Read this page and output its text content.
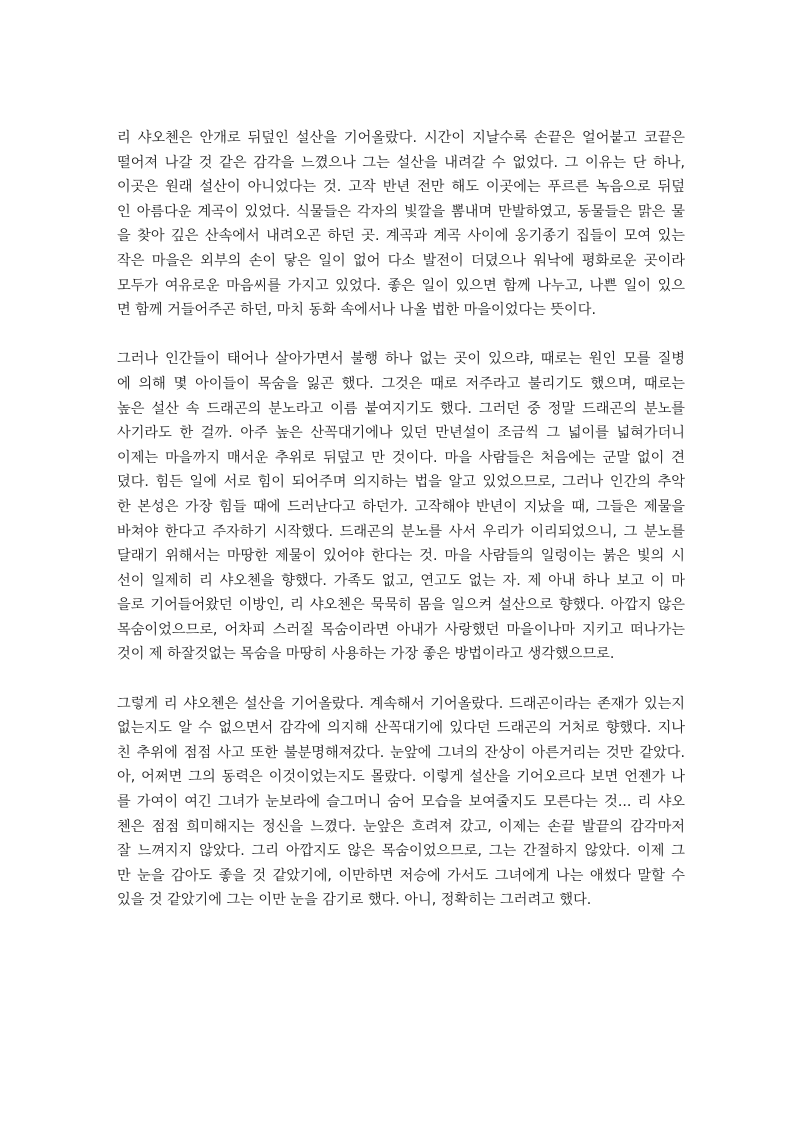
리 샤오첸은 안개로 뒤덮인 설산을 기어올랐다. 시간이 지날수록 손끝은 얼어붙고 코끝은
떨어져 나갈 것 같은 감각을 느꼈으나 그는 설산을 내려갈 수 없었다. 그 이유는 단 하나,
이곳은 원래 설산이 아니었다는 것. 고작 반년 전만 해도 이곳에는 푸르른 녹음으로 뒤덮
인 아름다운 계곡이 있었다. 식물들은 각자의 빛깔을 뽐내며 만발하였고, 동물들은 맑은 물
을 찾아 깊은 산속에서 내려오곤 하던 곳. 계곡과 계곡 사이에 옹기종기 집들이 모여 있는
작은 마을은 외부의 손이 닿은 일이 없어 다소 발전이 더뎠으나 워낙에 평화로운 곳이라
모두가 여유로운 마음씨를 가지고 있었다. 좋은 일이 있으면 함께 나누고, 나쁜 일이 있으
면 함께 거들어주곤 하던, 마치 동화 속에서나 나올 법한 마을이었다는 뜻이다.
그러나 인간들이 태어나 살아가면서 불행 하나 없는 곳이 있으랴, 때로는 원인 모를 질병
에 의해 몇 아이들이 목숨을 잃곤 했다. 그것은 때로 저주라고 불리기도 했으며, 때로는
높은 설산 속 드래곤의 분노라고 이름 붙여지기도 했다. 그러던 중 정말 드래곤의 분노를
사기라도 한 걸까. 아주 높은 산꼭대기에나 있던 만년설이 조금씩 그 넓이를 넓혀가더니
이제는 마을까지 매서운 추위로 뒤덮고 만 것이다. 마을 사람들은 처음에는 군말 없이 견
뎠다. 힘든 일에 서로 힘이 되어주며 의지하는 법을 알고 있었으므로, 그러나 인간의 추악
한 본성은 가장 힘들 때에 드러난다고 하던가. 고작해야 반년이 지났을 때, 그들은 제물을
바쳐야 한다고 주자하기 시작했다. 드래곤의 분노를 사서 우리가 이리되었으니, 그 분노를
달래기 위해서는 마땅한 제물이 있어야 한다는 것. 마을 사람들의 일렁이는 붉은 빛의 시
선이 일제히 리 샤오첸을 향했다. 가족도 없고, 연고도 없는 자. 제 아내 하나 보고 이 마
을로 기어들어왔던 이방인, 리 샤오첸은 묵묵히 몸을 일으켜 설산으로 향했다. 아깝지 않은
목숨이었으므로, 어차피 스러질 목숨이라면 아내가 사랑했던 마을이나마 지키고 떠나가는
것이 제 하잘것없는 목숨을 마땅히 사용하는 가장 좋은 방법이라고 생각했으므로.
그렇게 리 샤오첸은 설산을 기어올랐다. 계속해서 기어올랐다. 드래곤이라는 존재가 있는지
없는지도 알 수 없으면서 감각에 의지해 산꼭대기에 있다던 드래곤의 거처로 향했다. 지나
친 추위에 점점 사고 또한 불분명해져갔다. 눈앞에 그녀의 잔상이 아른거리는 것만 같았다.
아, 어쩌면 그의 동력은 이것이었는지도 몰랐다. 이렇게 설산을 기어오르다 보면 언젠가 나
를 가여이 여긴 그녀가 눈보라에 슬그머니 숨어 모습을 보여줄지도 모른다는 것... 리 샤오
첸은 점점 희미해지는 정신을 느꼈다. 눈앞은 흐려져 갔고, 이제는 손끝 발끝의 감각마저
잘 느껴지지 않았다. 그리 아깝지도 않은 목숨이었으므로, 그는 간절하지 않았다. 이제 그
만 눈을 감아도 좋을 것 같았기에, 이만하면 저승에 가서도 그녀에게 나는 애썼다 말할 수
있을 것 같았기에 그는 이만 눈을 감기로 했다. 아니, 정확히는 그러려고 했다.
